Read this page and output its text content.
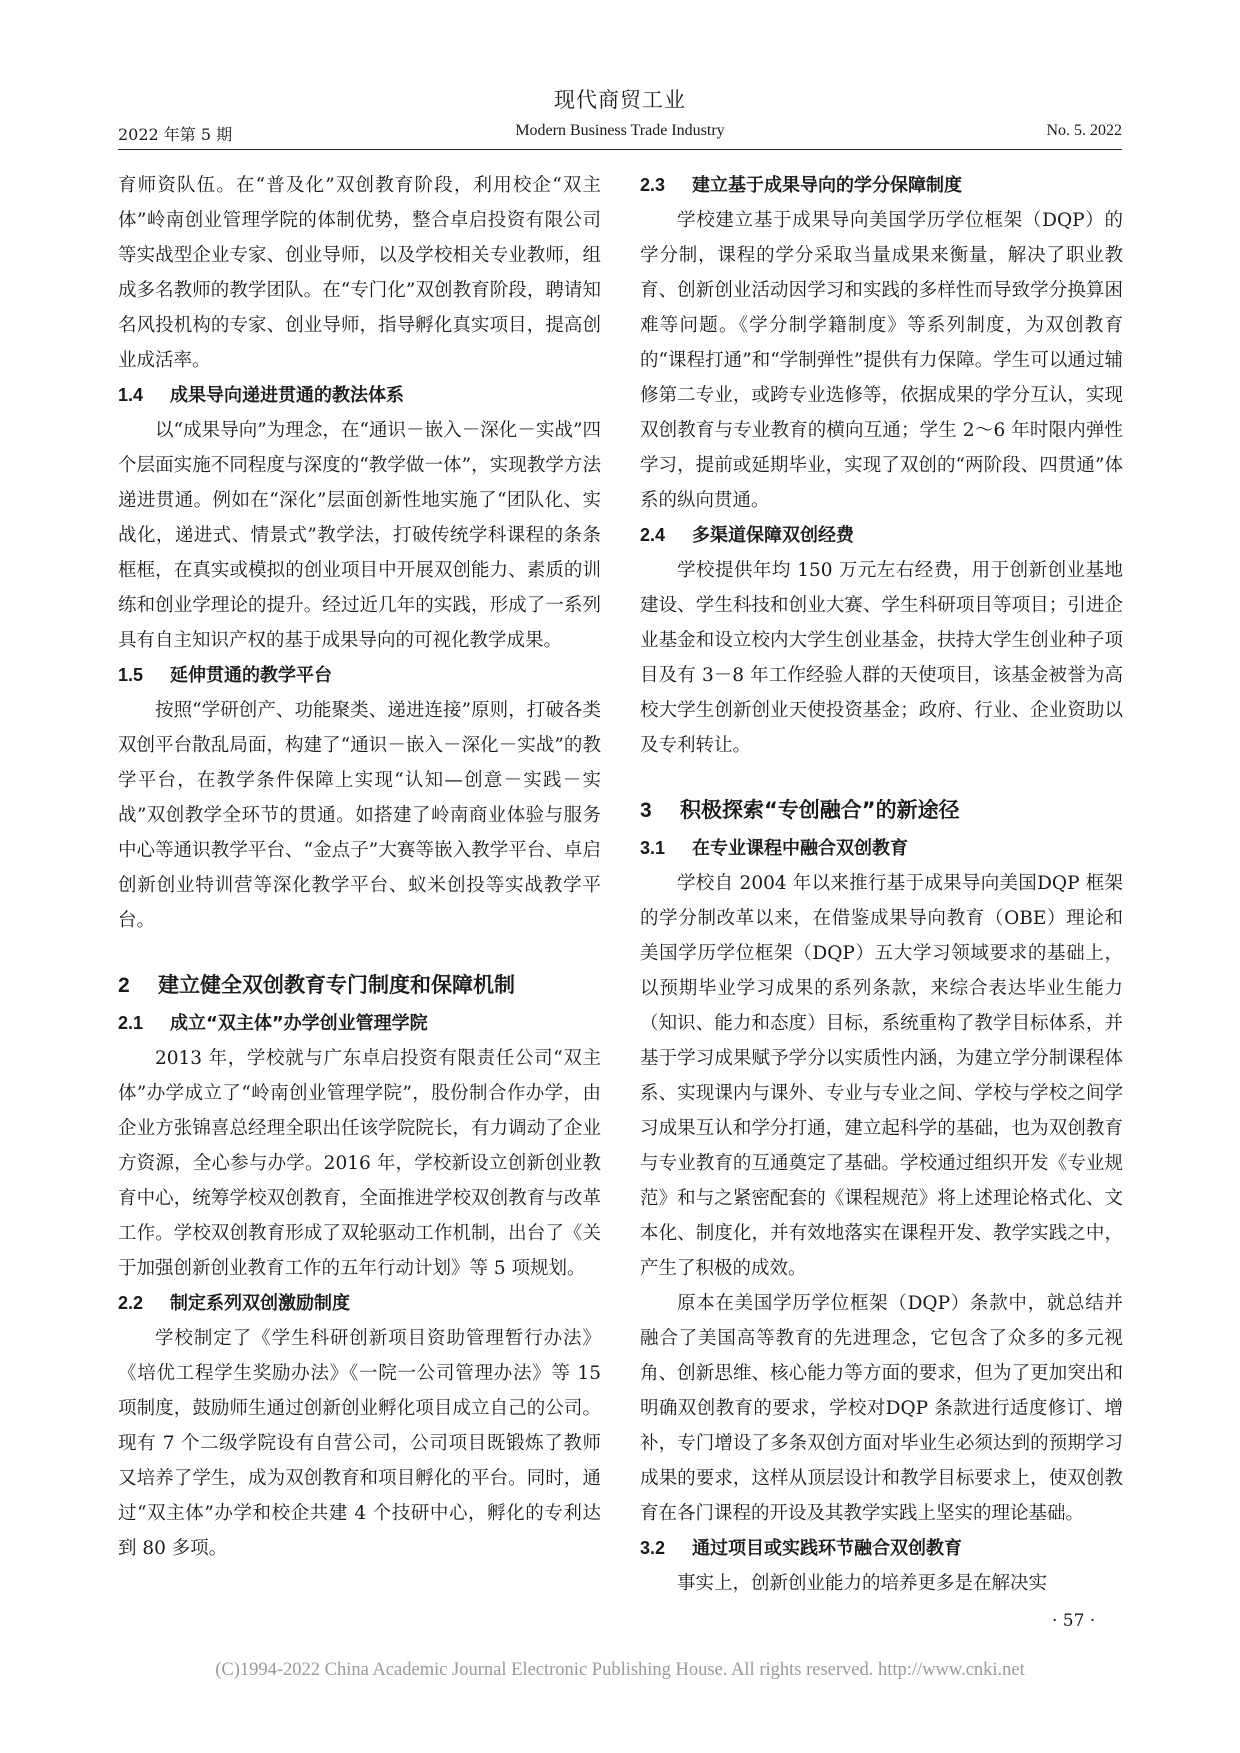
现代商贸工业
2022 年第 5 期	Modern Business Trade Industry	No. 5. 2022

育师资队伍。在“普及化”双创教育阶段，利用校企“双主体”岭南创业管理学院的体制优势，整合卓启投资有限公司等实战型企业专家、创业导师，以及学校相关专业教师，组成多名教师的教学团队。在“专门化”双创教育阶段，聘请知名风投机构的专家、创业导师，指导孵化真实项目，提高创业成活率。

1.4 成果导向递进贯通的教法体系

以“成果导向”为理念，在“通识－嵌入－深化－实战”四个层面实施不同程度与深度的“教学做一体”，实现教学方法递进贯通。例如在“深化”层面创新性地实施了“团队化、实战化，递进式、情景式”教学法，打破传统学科课程的条条框框，在真实或模拟的创业项目中开展双创能力、素质的训练和创业学理论的提升。经过近几年的实践，形成了一系列具有自主知识产权的基于成果导向的可视化教学成果。

1.5 延伸贯通的教学平台

按照“学研创产、功能聚类、递进连接”原则，打破各类双创平台散乱局面，构建了“通识－嵌入－深化－实战”的教学平台，在教学条件保障上实现“认知—创意－实践－实战”双创教学全环节的贯通。如搭建了岭南商业体验与服务中心等通识教学平台、“金点子”大赛等嵌入教学平台、卓启创新创业特训营等深化教学平台、蚁米创投等实战教学平台。

2 建立健全双创教育专门制度和保障机制
2.1 成立“双主体”办学创业管理学院

2013 年，学校就与广东卓启投资有限责任公司“双主体”办学成立了“岭南创业管理学院”，股份制合作办学，由企业方张锦喜总经理全职出任该学院院长，有力调动了企业方资源，全心参与办学。2016 年，学校新设立创新创业教育中心，统筹学校双创教育，全面推进学校双创教育与改革工作。学校双创教育形成了双轮驱动工作机制，出台了《关于加强创新创业教育工作的五年行动计划》等 5 项规划。

2.2 制定系列双创激励制度

学校制定了《学生科研创新项目资助管理暂行办法》《培优工程学生奖励办法》《一院一公司管理办法》等 15 项制度，鼓励师生通过创新创业孵化项目成立自己的公司。现有 7 个二级学院设有自营公司，公司项目既锻炼了教师又培养了学生，成为双创教育和项目孵化的平台。同时，通过“双主体”办学和校企共建 4 个技研中心，孵化的专利达到 80 多项。

2.3 建立基于成果导向的学分保障制度

学校建立基于成果导向美国学历学位框架（DQP）的学分制，课程的学分采取当量成果来衡量，解决了职业教育、创新创业活动因学习和实践的多样性而导致学分换算困难等问题。《学分制学籍制度》等系列制度，为双创教育的“课程打通”和“学制弹性”提供有力保障。学生可以通过辅修第二专业，或跨专业选修等，依据成果的学分互认，实现双创教育与专业教育的横向互通；学生 2～6 年时限内弹性学习，提前或延期毕业，实现了双创的“两阶段、四贯通”体系的纵向贯通。

2.4 多渠道保障双创经费

学校提供年均 150 万元左右经费，用于创新创业基地建设、学生科技和创业大赛、学生科研项目等项目；引进企业基金和设立校内大学生创业基金，扶持大学生创业种子项目及有 3－8 年工作经验人群的天使项目，该基金被誉为高校大学生创新创业天使投资基金；政府、行业、企业资助以及专利转让。

3 积极探索“专创融合”的新途径
3.1 在专业课程中融合双创教育

学校自 2004 年以来推行基于成果导向美国DQP 框架的学分制改革以来，在借鉴成果导向教育（OBE）理论和美国学历学位框架（DQP）五大学习领域要求的基础上，以预期毕业学习成果的系列条款，来综合表达毕业生能力（知识、能力和态度）目标，系统重构了教学目标体系，并基于学习成果赋予学分以实质性内涵，为建立学分制课程体系、实现课内与课外、专业与专业之间、学校与学校之间学习成果互认和学分打通，建立起科学的基础，也为双创教育与专业教育的互通奠定了基础。学校通过组织开发《专业规范》和与之紧密配套的《课程规范》将上述理论格式化、文本化、制度化，并有效地落实在课程开发、教学实践之中，产生了积极的成效。

原本在美国学历学位框架（DQP）条款中，就总结并融合了美国高等教育的先进理念，它包含了众多的多元视角、创新思维、核心能力等方面的要求，但为了更加突出和明确双创教育的要求，学校对DQP 条款进行适度修订、增补，专门增设了多条双创方面对毕业生必须达到的预期学习成果的要求，这样从顶层设计和教学目标要求上，使双创教育在各门课程的开设及其教学实践上坚实的理论基础。

3.2 通过项目或实践环节融合双创教育

事实上，创新创业能力的培养更多是在解决实

· 57 ·
(C)1994-2022 China Academic Journal Electronic Publishing House. All rights reserved. http://www.cnki.net
